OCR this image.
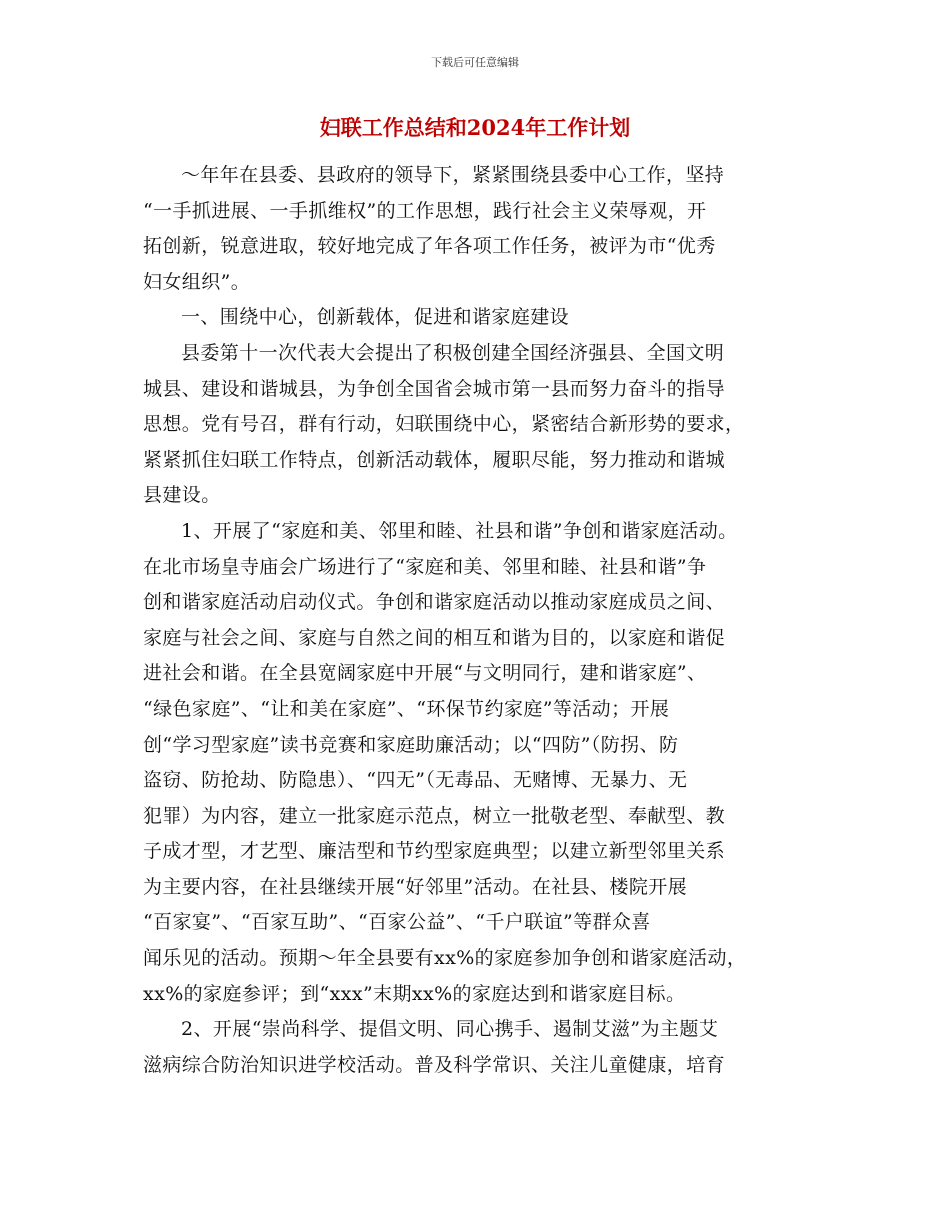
下载后可任意编辑
妇联工作总结和2024年工作计划

～年年在县委、县政府的领导下，紧紧围绕县委中心工作，坚持

“一手抓进展、一手抓维权”的工作思想，践行社会主义荣辱观，开

拓创新，锐意进取，较好地完成了年各项工作任务，被评为市“优秀

妇女组织”。

一、围绕中心，创新载体，促进和谐家庭建设

县委第十一次代表大会提出了积极创建全国经济强县、全国文明

城县、建设和谐城县，为争创全国省会城市第一县而努力奋斗的指导

思想。党有号召，群有行动，妇联围绕中心，紧密结合新形势的要求，

紧紧抓住妇联工作特点，创新活动载体，履职尽能，努力推动和谐城

县建设。

1、开展了“家庭和美、邻里和睦、社县和谐”争创和谐家庭活动。

在北市场皇寺庙会广场进行了“家庭和美、邻里和睦、社县和谐”争

创和谐家庭活动启动仪式。争创和谐家庭活动以推动家庭成员之间、

家庭与社会之间、家庭与自然之间的相互和谐为目的，以家庭和谐促

进社会和谐。在全县宽阔家庭中开展“与文明同行，建和谐家庭”、

“绿色家庭”、“让和美在家庭”、“环保节约家庭”等活动；开展

创“学习型家庭”读书竞赛和家庭助廉活动；以“四防”（防拐、防

盗窃、防抢劫、防隐患）、“四无”（无毒品、无赌博、无暴力、无

犯罪）为内容，建立一批家庭示范点，树立一批敬老型、奉献型、教

子成才型，才艺型、廉洁型和节约型家庭典型；以建立新型邻里关系

为主要内容，在社县继续开展“好邻里”活动。在社县、楼院开展

“百家宴”、“百家互助”、“百家公益”、“千户联谊”等群众喜

闻乐见的活动。预期～年全县要有xx%的家庭参加争创和谐家庭活动，

xx%的家庭参评；到“xxx”末期xx%的家庭达到和谐家庭目标。

2、开展“崇尚科学、提倡文明、同心携手、遏制艾滋”为主题艾

滋病综合防治知识进学校活动。普及科学常识、关注儿童健康，培育
